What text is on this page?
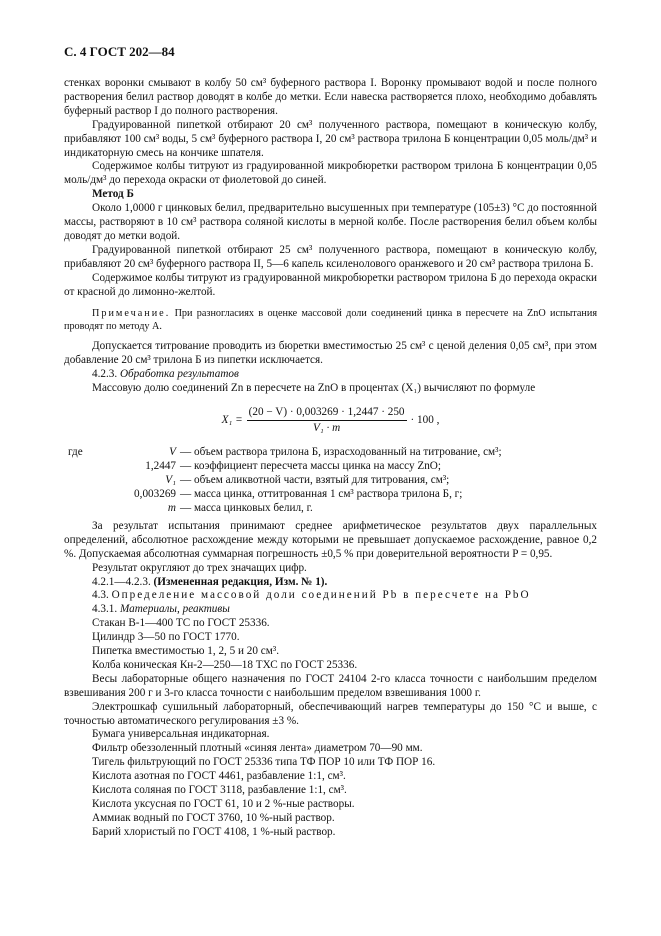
С. 4 ГОСТ 202—84

стенках воронки смывают в колбу 50 см³ буферного раствора I. Воронку промывают водой и после полного растворения белил раствор доводят в колбе до метки. Если навеска растворяется плохо, необходимо добавлять буферный раствор I до полного растворения.

Градуированной пипеткой отбирают 20 см³ полученного раствора, помещают в коническую колбу, прибавляют 100 см³ воды, 5 см³ буферного раствора I, 20 см³ раствора трилона Б концентрации 0,05 моль/дм³ и индикаторную смесь на кончике шпателя.

Содержимое колбы титруют из градуированной микробюретки раствором трилона Б концентрации 0,05 моль/дм³ до перехода окраски от фиолетовой до синей.

Метод Б

Около 1,0000 г цинковых белил, предварительно высушенных при температуре (105±3) °С до постоянной массы, растворяют в 10 см³ раствора соляной кислоты в мерной колбе. После растворения белил объем колбы доводят до метки водой.

Градуированной пипеткой отбирают 25 см³ полученного раствора, помещают в коническую колбу, прибавляют 20 см³ буферного раствора II, 5—6 капель ксиленолового оранжевого и 20 см³ раствора трилона Б.

Содержимое колбы титруют из градуированной микробюретки раствором трилона Б до перехода окраски от красной до лимонно-желтой.

Примечание. При разногласиях в оценке массовой доли соединений цинка в пересчете на ZnO испытания проводят по методу А.

Допускается титрование проводить из бюретки вместимостью 25 см³ с ценой деления 0,05 см³, при этом добавление 20 см³ трилона Б из пипетки исключается.

4.2.3. Обработка результатов

Массовую долю соединений Zn в пересчете на ZnO в процентах (X₁) вычисляют по формуле

$X_1 = \frac{(20 - V) \cdot 0,003269 \cdot 1,2447 \cdot 250}{\text{V₁ · m}} \cdot 100$ ,
где	V — объем раствора трилона Б, израсходованный на титрование, см³;
1,2447 — коэффициент пересчета массы цинка на массу ZnO;
V₁ — объем аликвотной части, взятый для титрования, см³;
0,003269 — масса цинка, оттитрованная 1 см³ раствора трилона Б, г;
m — масса цинковых белил, г.

За результат испытания принимают среднее арифметическое результатов двух параллельных определений, абсолютное расхождение между которыми не превышает допускаемое расхождение, равное 0,2 %. Допускаемая абсолютная суммарная погрешность ±0,5 % при доверительной вероятности P = 0,95.

Результат округляют до трех значащих цифр.

4.2.1—4.2.3. (Измененная редакция, Изм. № 1).

4.3. Определение массовой доли соединений Pb в пересчете на PbO

4.3.1. Материалы, реактивы

Стакан В-1—400 ТС по ГОСТ 25336.

Цилиндр 3—50 по ГОСТ 1770.

Пипетка вместимостью 1, 2, 5 и 20 см³.

Колба коническая Кн-2—250—18 ТХС по ГОСТ 25336.

Весы лабораторные общего назначения по ГОСТ 24104 2-го класса точности с наибольшим пределом взвешивания 200 г и 3-го класса точности с наибольшим пределом взвешивания 1000 г.

Электрошкаф сушильный лабораторный, обеспечивающий нагрев температуры до 150 °С и выше, с точностью автоматического регулирования ±3 %.

Бумага универсальная индикаторная.

Фильтр обеззоленный плотный «синяя лента» диаметром 70—90 мм.

Тигель фильтрующий по ГОСТ 25336 типа ТФ ПОР 10 или ТФ ПОР 16.

Кислота азотная по ГОСТ 4461, разбавление 1:1, см³.

Кислота соляная по ГОСТ 3118, разбавление 1:1, см³.

Кислота уксусная по ГОСТ 61, 10 и 2 %-ные растворы.

Аммиак водный по ГОСТ 3760, 10 %-ный раствор.

Барий хлористый по ГОСТ 4108, 1 %-ный раствор.
